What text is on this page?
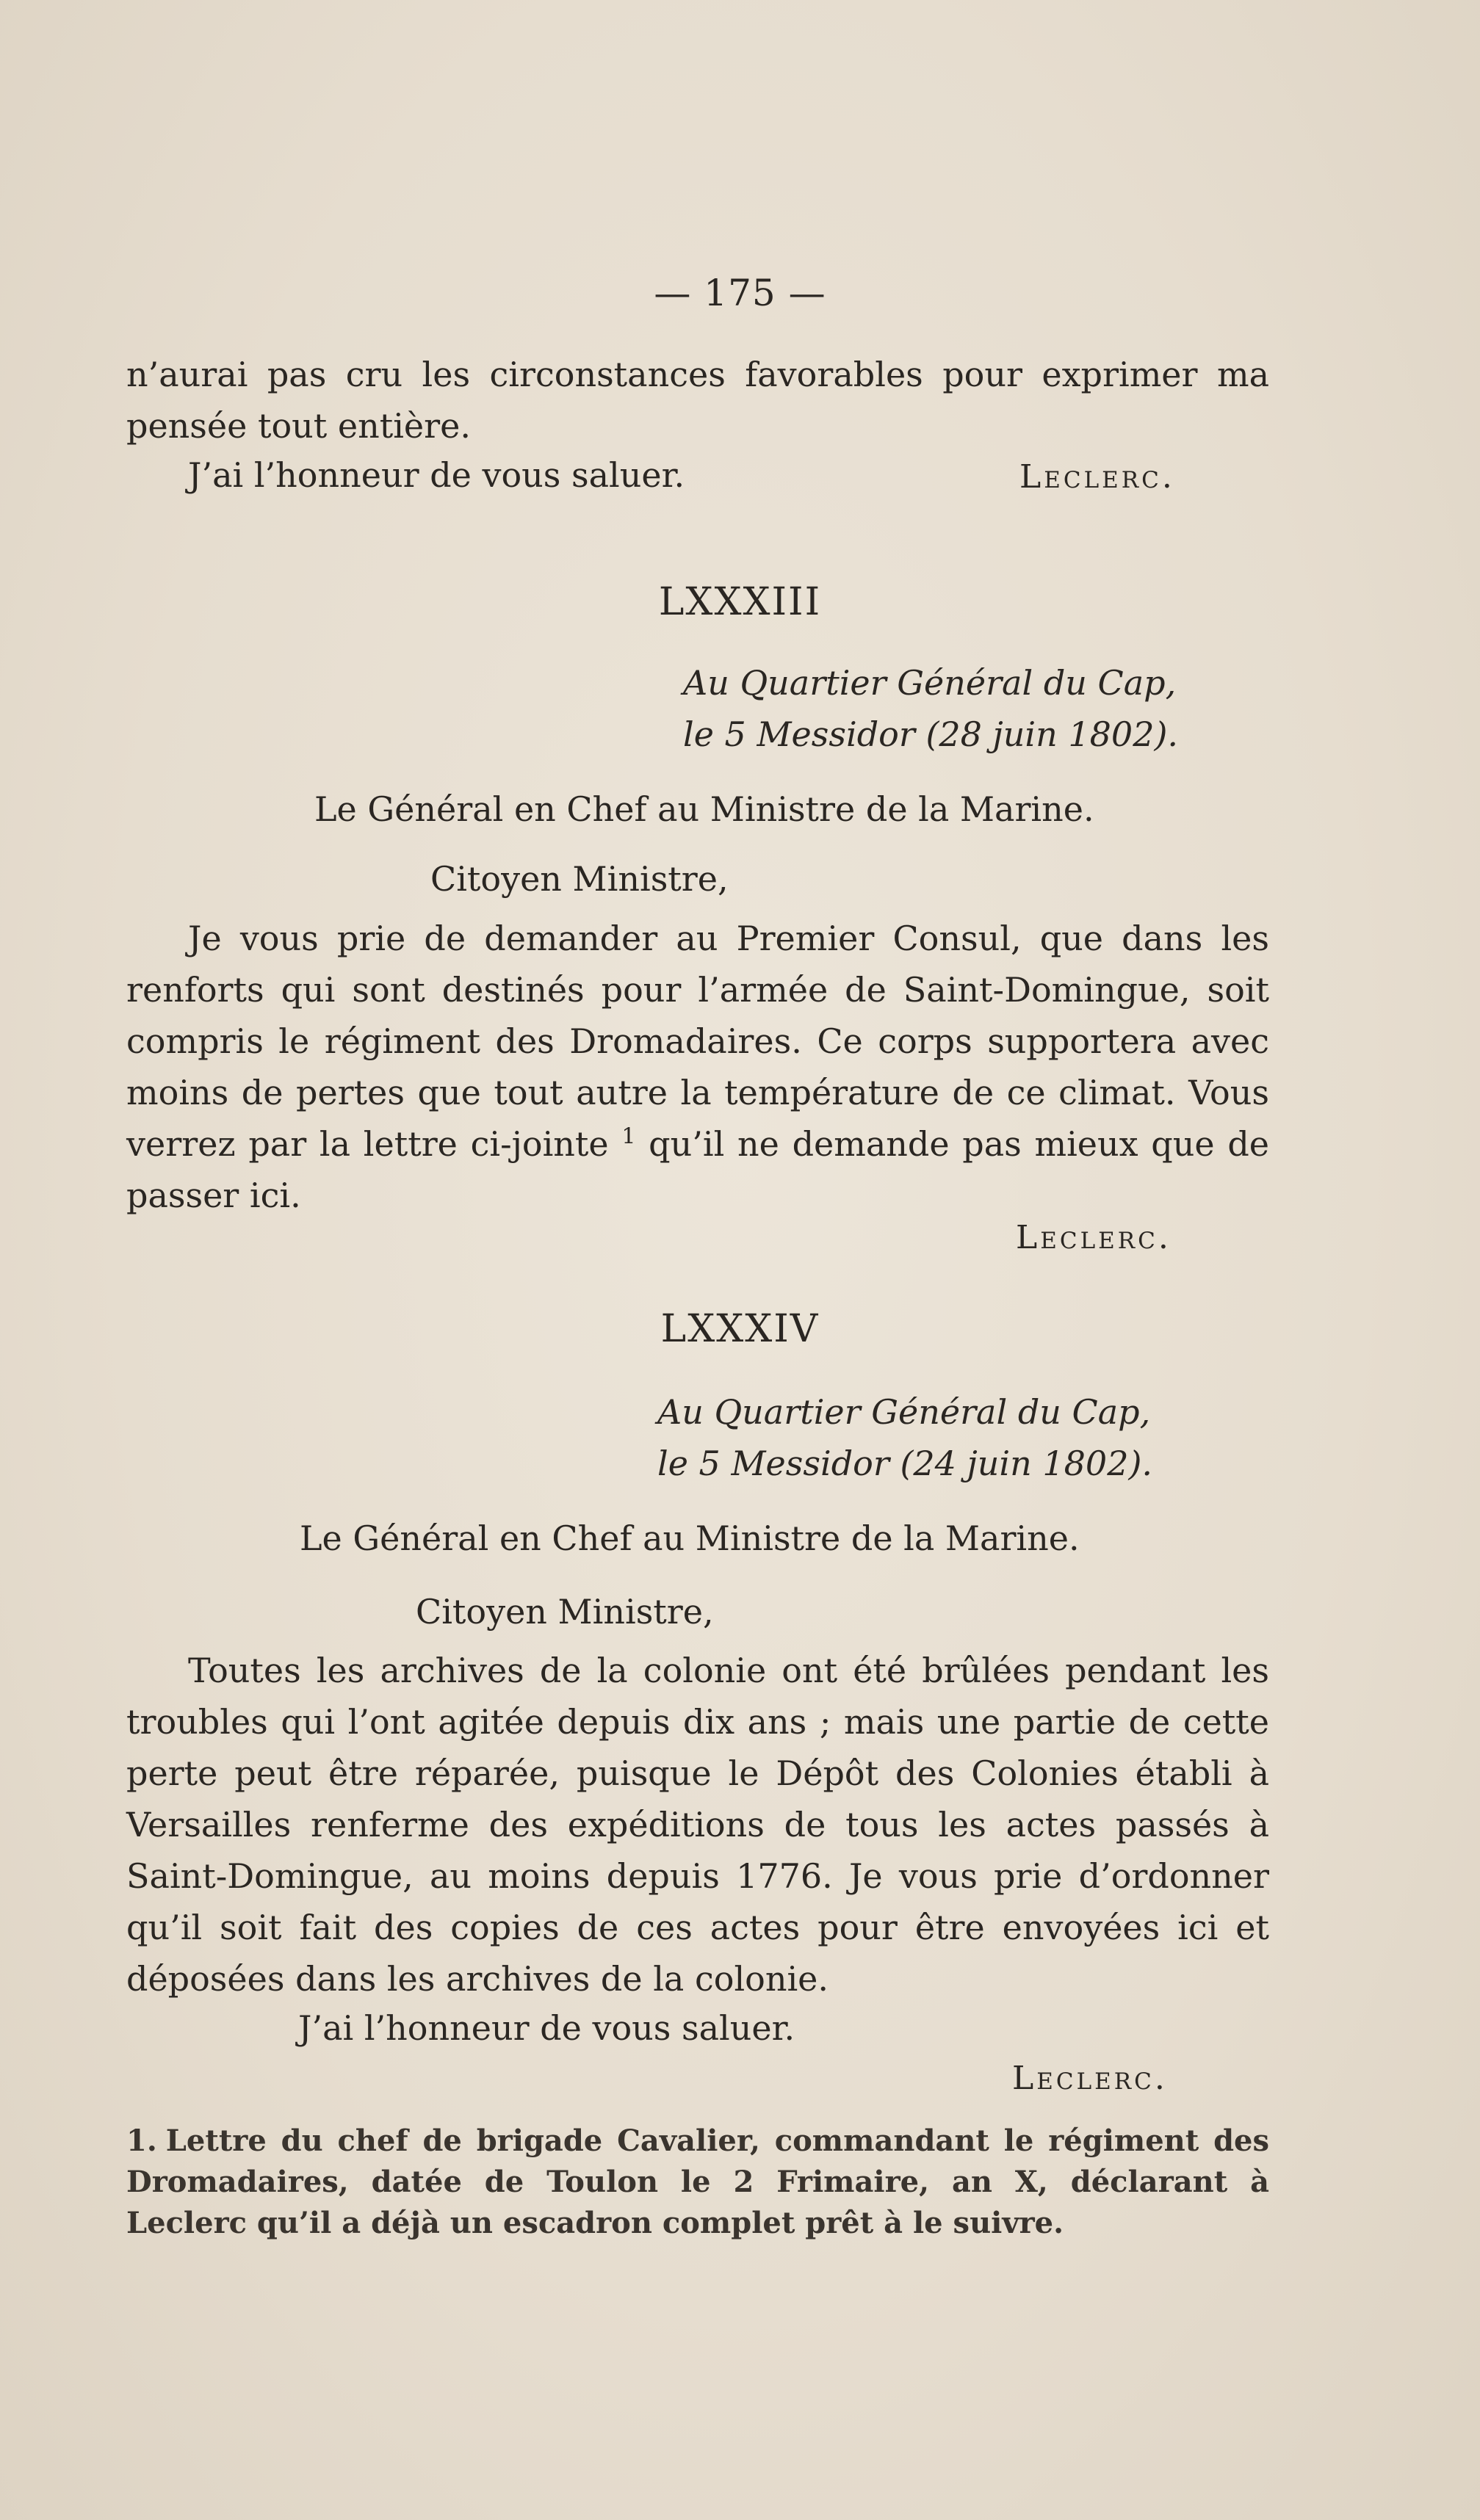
— 175 —

n’aurai pas cru les circonstances favorables pour exprimer ma pensée tout entière.

J’ai l’honneur de vous saluer.	Leclerc.
LXXXIII
Au Quartier Général du Cap,
le 5 Messidor (28 juin 1802).
Le Général en Chef au Ministre de la Marine.
Citoyen Ministre,

Je vous prie de demander au Premier Consul, que dans les renforts qui sont destinés pour l’armée de Saint-Domingue, soit compris le régiment des Dromadaires. Ce corps supportera avec moins de pertes que tout autre la température de ce climat. Vous verrez par la lettre ci-jointe $^1$ qu’il ne demande pas mieux que de passer ici.

Leclerc.
LXXXIV
Au Quartier Général du Cap,
le 5 Messidor (24 juin 1802).
Le Général en Chef au Ministre de la Marine.
Citoyen Ministre,

Toutes les archives de la colonie ont été brûlées pendant les troubles qui l’ont agitée depuis dix ans ; mais une partie de cette perte peut être réparée, puisque le Dépôt des Colonies établi à Versailles renferme des expéditions de tous les actes passés à Saint-Domingue, au moins depuis 1776. Je vous prie d’ordonner qu’il soit fait des copies de ces actes pour être envoyées ici et déposées dans les archives de la colonie.

J’ai l’honneur de vous saluer.
Leclerc.
1. Lettre du chef de brigade Cavalier, commandant le régiment des Dromadaires, datée de Toulon le 2 Frimaire, an X, déclarant à Leclerc qu’il a déjà un escadron complet prêt à le suivre.
